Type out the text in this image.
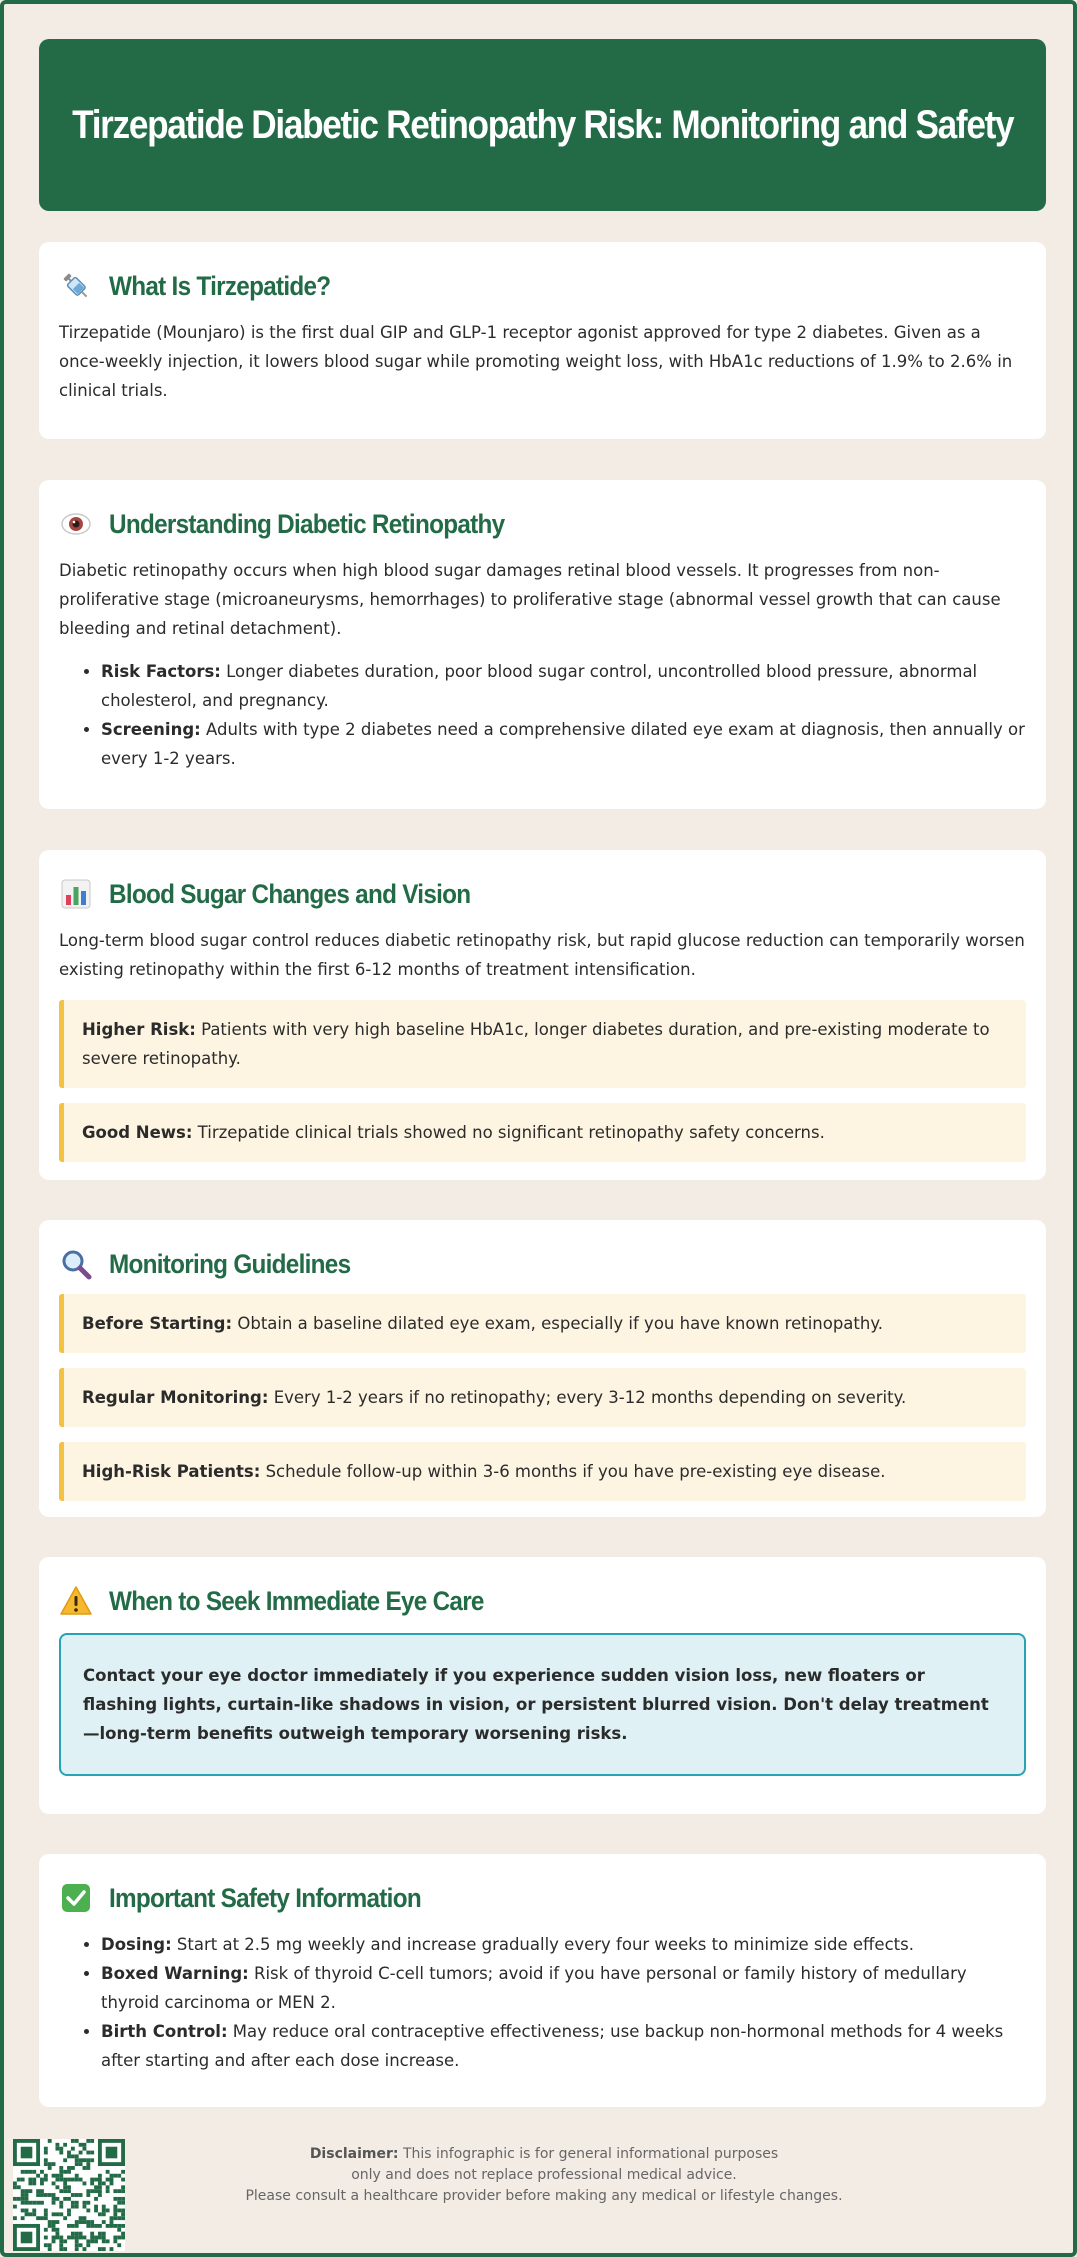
Tirzepatide Diabetic Retinopathy Risk: Monitoring and Safety
What Is Tirzepatide?

Tirzepatide (Mounjaro) is the first dual GIP and GLP-1 receptor agonist approved for type 2 diabetes. Given as a once-weekly injection, it lowers blood sugar while promoting weight loss, with HbA1c reductions of 1.9% to 2.6% in clinical trials.

Understanding Diabetic Retinopathy

Diabetic retinopathy occurs when high blood sugar damages retinal blood vessels. It progresses from non-proliferative stage (microaneurysms, hemorrhages) to proliferative stage (abnormal vessel growth that can cause bleeding and retinal detachment).

• Risk Factors: Longer diabetes duration, poor blood sugar control, uncontrolled blood pressure, abnormal cholesterol, and pregnancy.
• Screening: Adults with type 2 diabetes need a comprehensive dilated eye exam at diagnosis, then annually or every 1-2 years.
Blood Sugar Changes and Vision

Long-term blood sugar control reduces diabetic retinopathy risk, but rapid glucose reduction can temporarily worsen existing retinopathy within the first 6-12 months of treatment intensification.

Higher Risk: Patients with very high baseline HbA1c, longer diabetes duration, and pre-existing moderate to severe retinopathy.
Good News: Tirzepatide clinical trials showed no significant retinopathy safety concerns.
Monitoring Guidelines
Before Starting: Obtain a baseline dilated eye exam, especially if you have known retinopathy.
Regular Monitoring: Every 1-2 years if no retinopathy; every 3-12 months depending on severity.
High-Risk Patients: Schedule follow-up within 3-6 months if you have pre-existing eye disease.
When to Seek Immediate Eye Care
Contact your eye doctor immediately if you experience sudden vision loss, new floaters or flashing lights, curtain-like shadows in vision, or persistent blurred vision. Don't delay treatment—long-term benefits outweigh temporary worsening risks.
Important Safety Information
• Dosing: Start at 2.5 mg weekly and increase gradually every four weeks to minimize side effects.
• Boxed Warning: Risk of thyroid C-cell tumors; avoid if you have personal or family history of medullary thyroid carcinoma or MEN 2.
• Birth Control: May reduce oral contraceptive effectiveness; use backup non-hormonal methods for 4 weeks after starting and after each dose increase.
Disclaimer: This infographic is for general informational purposes
only and does not replace professional medical advice.
Please consult a healthcare provider before making any medical or lifestyle changes.
